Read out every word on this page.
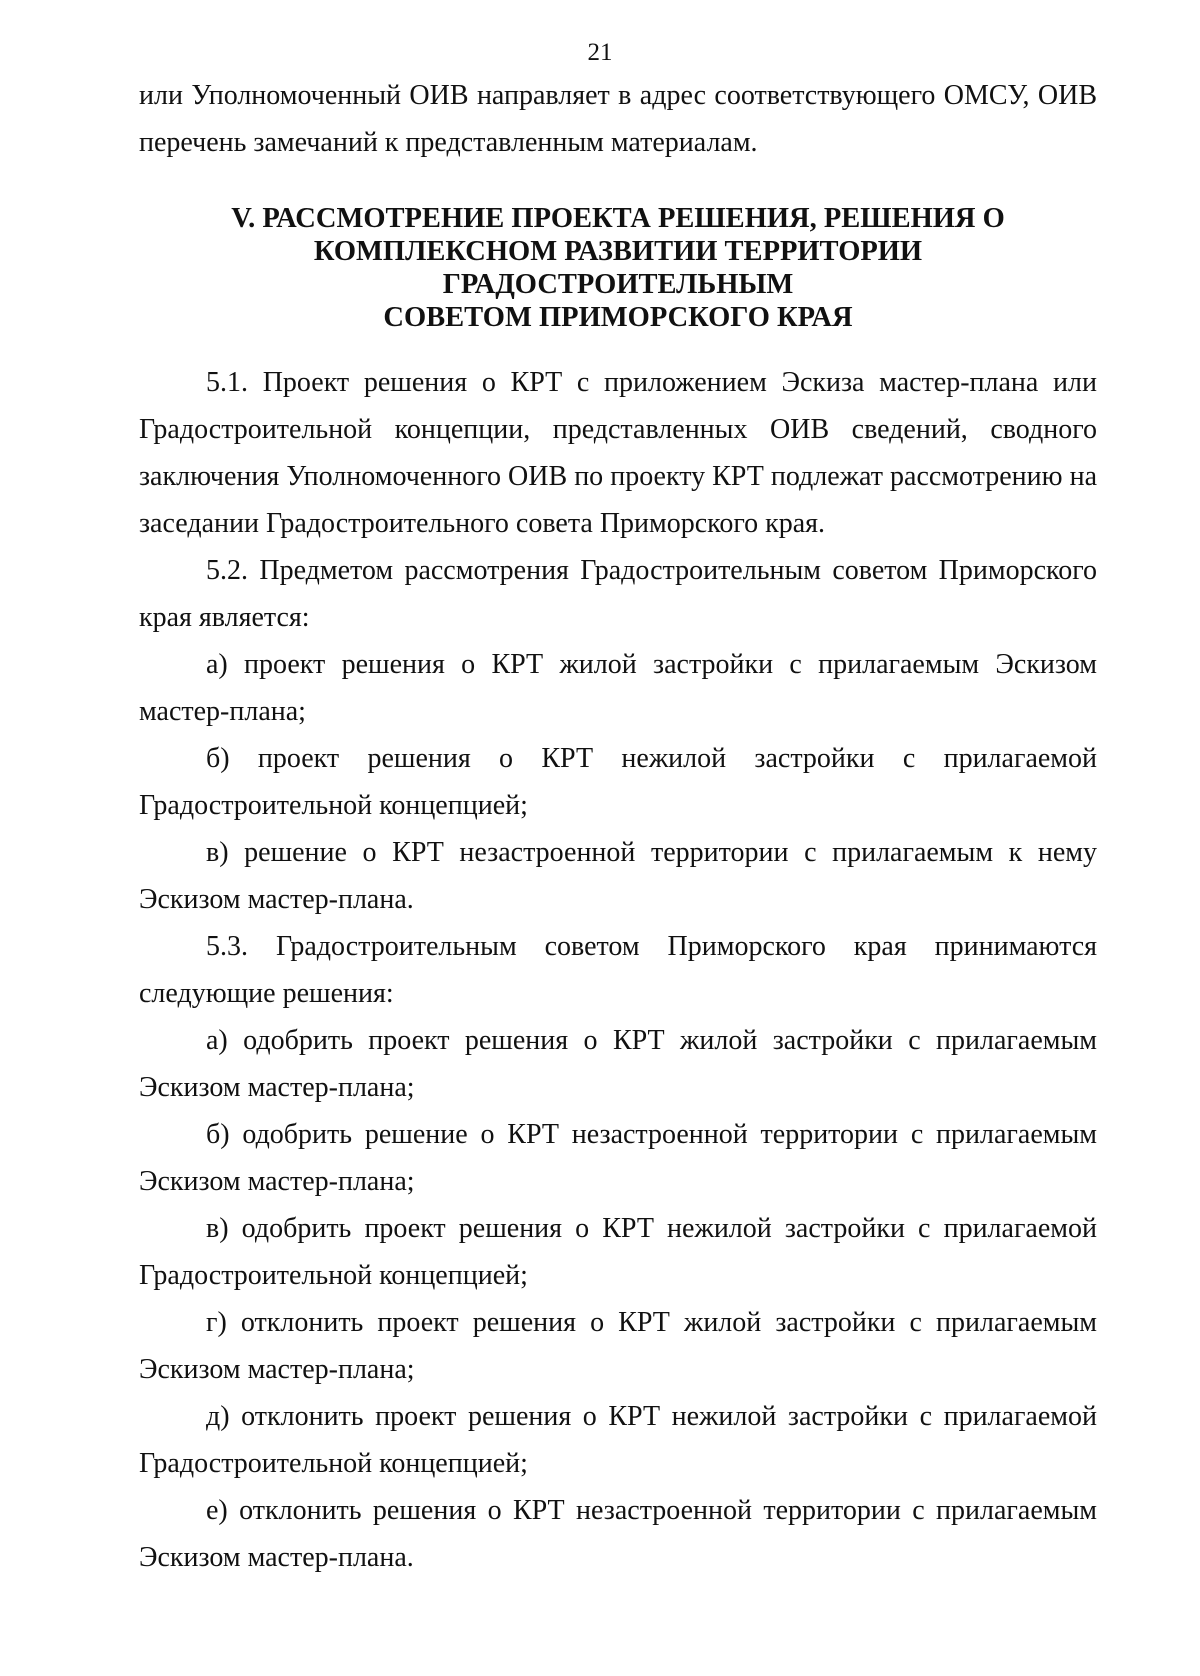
21

или Уполномоченный ОИВ направляет в адрес соответствующего ОМСУ, ОИВ перечень замечаний к представленным материалам.

V. РАССМОТРЕНИЕ ПРОЕКТА РЕШЕНИЯ, РЕШЕНИЯ О
КОМПЛЕКСНОМ РАЗВИТИИ ТЕРРИТОРИИ ГРАДОСТРОИТЕЛЬНЫМ
СОВЕТОМ ПРИМОРСКОГО КРАЯ

5.1. Проект решения о КРТ с приложением Эскиза мастер-плана или Градостроительной концепции, представленных ОИВ сведений, сводного заключения Уполномоченного ОИВ по проекту КРТ подлежат рассмотрению на заседании Градостроительного совета Приморского края.

5.2. Предметом рассмотрения Градостроительным советом Приморского края является:

а) проект решения о КРТ жилой застройки с прилагаемым Эскизом мастер-плана;

б) проект решения о КРТ нежилой застройки с прилагаемой Градостроительной концепцией;

в) решение о КРТ незастроенной территории с прилагаемым к нему Эскизом мастер-плана.

5.3. Градостроительным советом Приморского края принимаются следующие решения:

а) одобрить проект решения о КРТ жилой застройки с прилагаемым Эскизом мастер-плана;

б) одобрить решение о КРТ незастроенной территории с прилагаемым Эскизом мастер-плана;

в) одобрить проект решения о КРТ нежилой застройки с прилагаемой Градостроительной концепцией;

г) отклонить проект решения о КРТ жилой застройки с прилагаемым Эскизом мастер-плана;

д) отклонить проект решения о КРТ нежилой застройки с прилагаемой Градостроительной концепцией;

е) отклонить решения о КРТ незастроенной территории с прилагаемым Эскизом мастер-плана.
